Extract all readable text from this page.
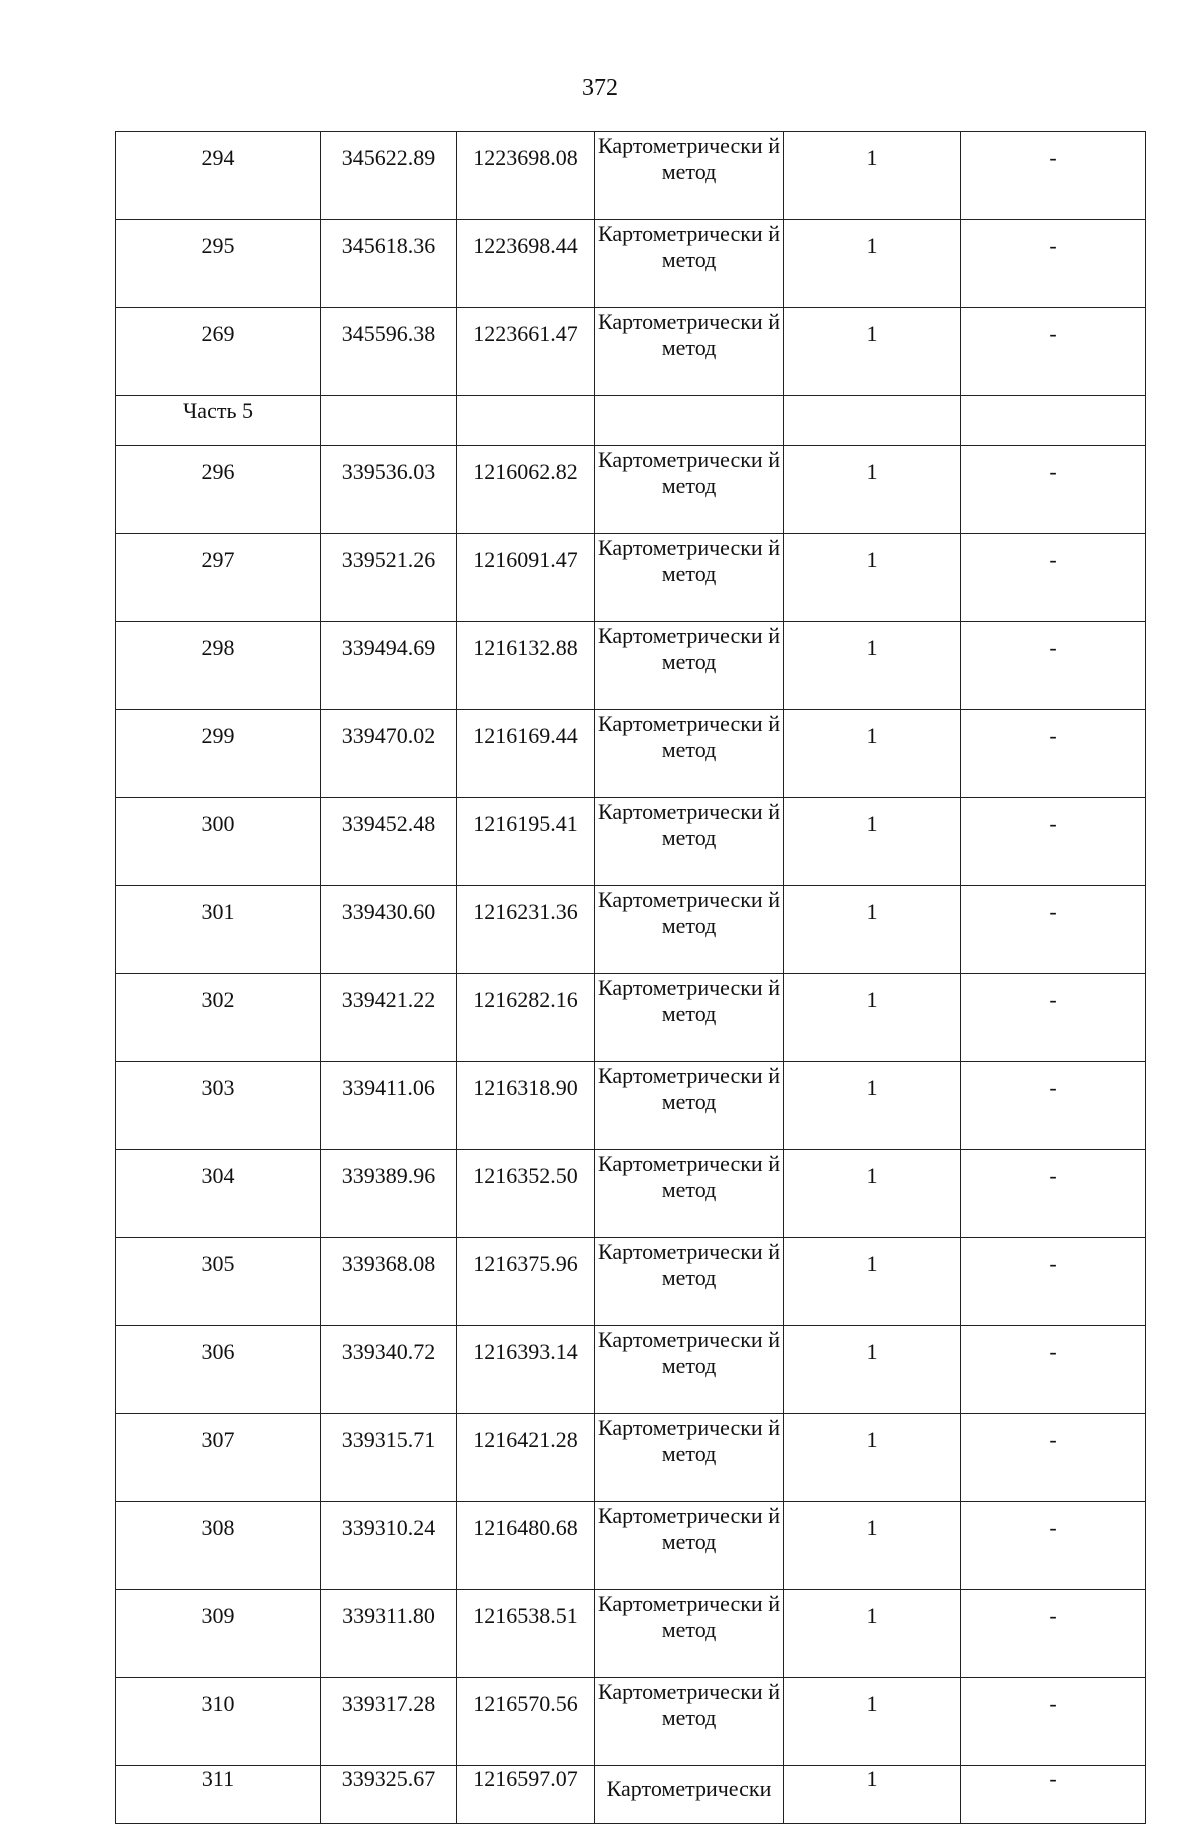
372
294	345622.89	1223698.08	Картометрически й метод	1	-
295	345618.36	1223698.44	Картометрически й метод	1	-
269	345596.38	1223661.47	Картометрически й метод	1	-
Часть 5					
296	339536.03	1216062.82	Картометрически й метод	1	-
297	339521.26	1216091.47	Картометрически й метод	1	-
298	339494.69	1216132.88	Картометрически й метод	1	-
299	339470.02	1216169.44	Картометрически й метод	1	-
300	339452.48	1216195.41	Картометрически й метод	1	-
301	339430.60	1216231.36	Картометрически й метод	1	-
302	339421.22	1216282.16	Картометрически й метод	1	-
303	339411.06	1216318.90	Картометрически й метод	1	-
304	339389.96	1216352.50	Картометрически й метод	1	-
305	339368.08	1216375.96	Картометрически й метод	1	-
306	339340.72	1216393.14	Картометрически й метод	1	-
307	339315.71	1216421.28	Картометрически й метод	1	-
308	339310.24	1216480.68	Картометрически й метод	1	-
309	339311.80	1216538.51	Картометрически й метод	1	-
310	339317.28	1216570.56	Картометрически й метод	1	-
311	339325.67	1216597.07	Картометрически	1	-
